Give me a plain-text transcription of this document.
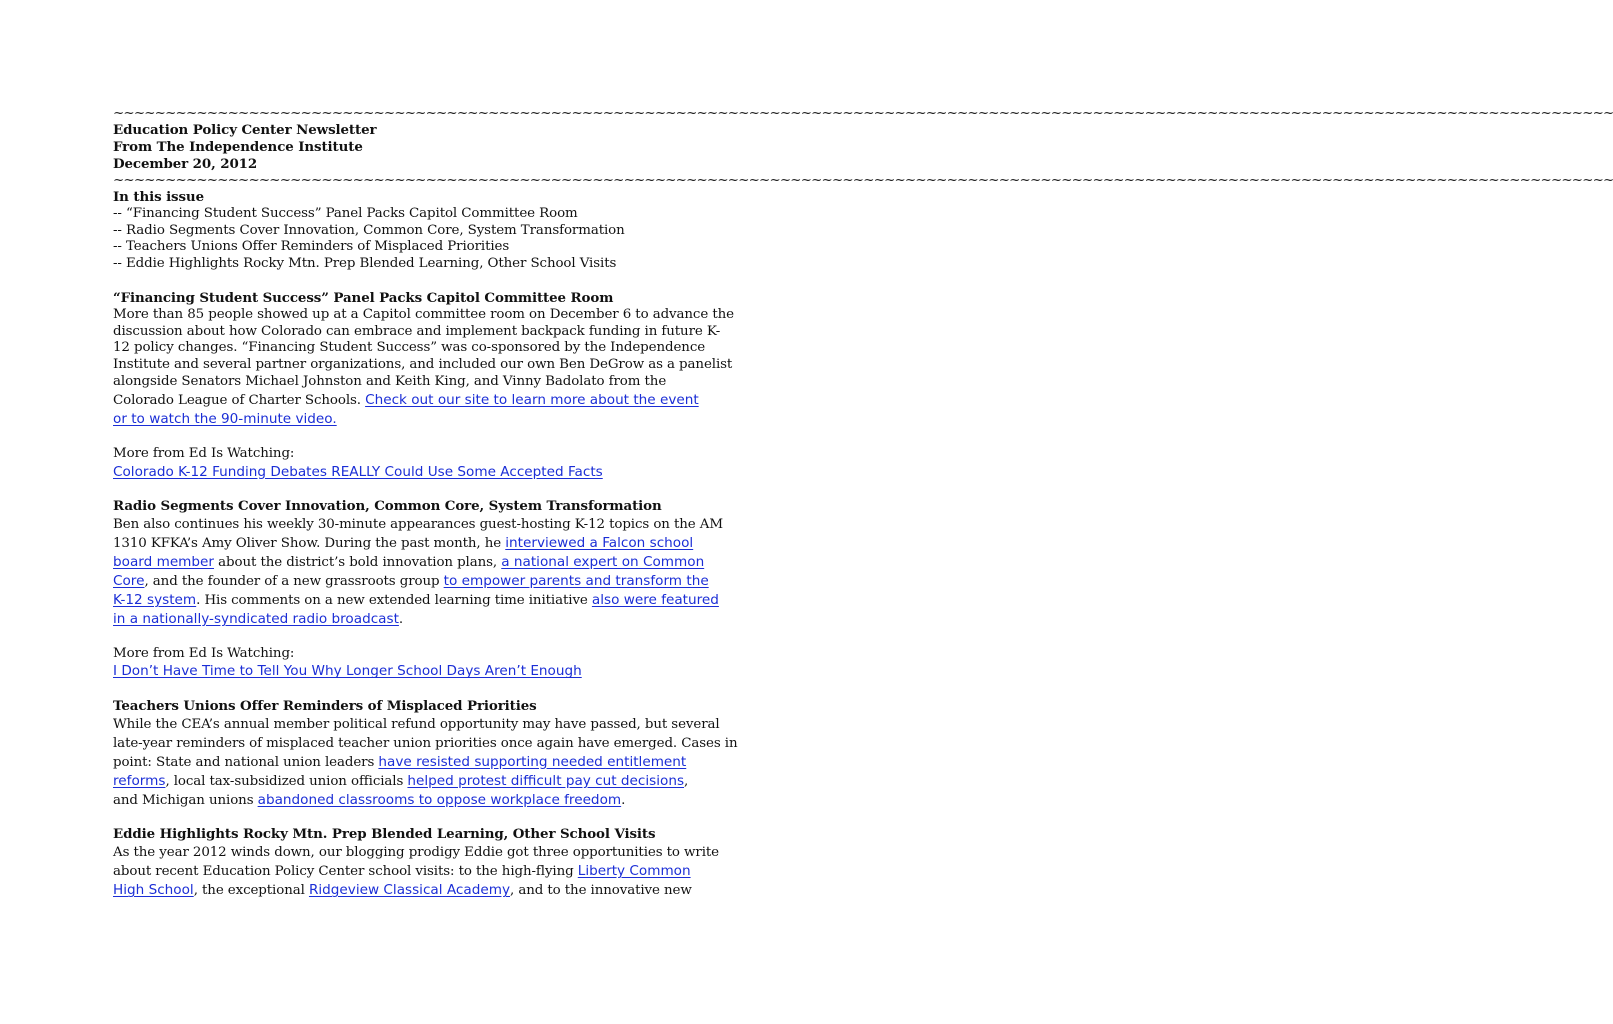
~~~~~~~~~~~~~~~~~~~~~~~~~~~~~~~~~~~~~~~~~~~~~~~~~~~~~~~~~~~~~~~~~~~~~~~~~~~~~~~~~~~~~~~~~~~~~~~~~~~~~~~~~~~~~~~~~~~~~~~~~~~~~~~~~~~~~~~~~~~~~~~~
Education Policy Center Newsletter
From The Independence Institute
December 20, 2012
~~~~~~~~~~~~~~~~~~~~~~~~~~~~~~~~~~~~~~~~~~~~~~~~~~~~~~~~~~~~~~~~~~~~~~~~~~~~~~~~~~~~~~~~~~~~~~~~~~~~~~~~~~~~~~~~~~~~~~~~~~~~~~~~~~~~~~~~~~~~~~~~
In this issue
-- “Financing Student Success” Panel Packs Capitol Committee Room
-- Radio Segments Cover Innovation, Common Core, System Transformation
-- Teachers Unions Offer Reminders of Misplaced Priorities
-- Eddie Highlights Rocky Mtn. Prep Blended Learning, Other School Visits
“Financing Student Success” Panel Packs Capitol Committee Room
More than 85 people showed up at a Capitol committee room on December 6 to advance the
discussion about how Colorado can embrace and implement backpack funding in future K-
12 policy changes. “Financing Student Success” was co-sponsored by the Independence
Institute and several partner organizations, and included our own Ben DeGrow as a panelist
alongside Senators Michael Johnston and Keith King, and Vinny Badolato from the
Colorado League of Charter Schools. Check out our site to learn more about the event
or to watch the 90-minute video.
More from Ed Is Watching:
Colorado K-12 Funding Debates REALLY Could Use Some Accepted Facts
Radio Segments Cover Innovation, Common Core, System Transformation
Ben also continues his weekly 30-minute appearances guest-hosting K-12 topics on the AM
1310 KFKA’s Amy Oliver Show. During the past month, he interviewed a Falcon school
board member about the district’s bold innovation plans, a national expert on Common
Core, and the founder of a new grassroots group to empower parents and transform the
K-12 system. His comments on a new extended learning time initiative also were featured
in a nationally-syndicated radio broadcast.
More from Ed Is Watching:
I Don’t Have Time to Tell You Why Longer School Days Aren’t Enough
Teachers Unions Offer Reminders of Misplaced Priorities
While the CEA’s annual member political refund opportunity may have passed, but several
late-year reminders of misplaced teacher union priorities once again have emerged. Cases in
point: State and national union leaders have resisted supporting needed entitlement
reforms, local tax-subsidized union officials helped protest difficult pay cut decisions,
and Michigan unions abandoned classrooms to oppose workplace freedom.
Eddie Highlights Rocky Mtn. Prep Blended Learning, Other School Visits
As the year 2012 winds down, our blogging prodigy Eddie got three opportunities to write
about recent Education Policy Center school visits: to the high-flying Liberty Common
High School, the exceptional Ridgeview Classical Academy, and to the innovative new
